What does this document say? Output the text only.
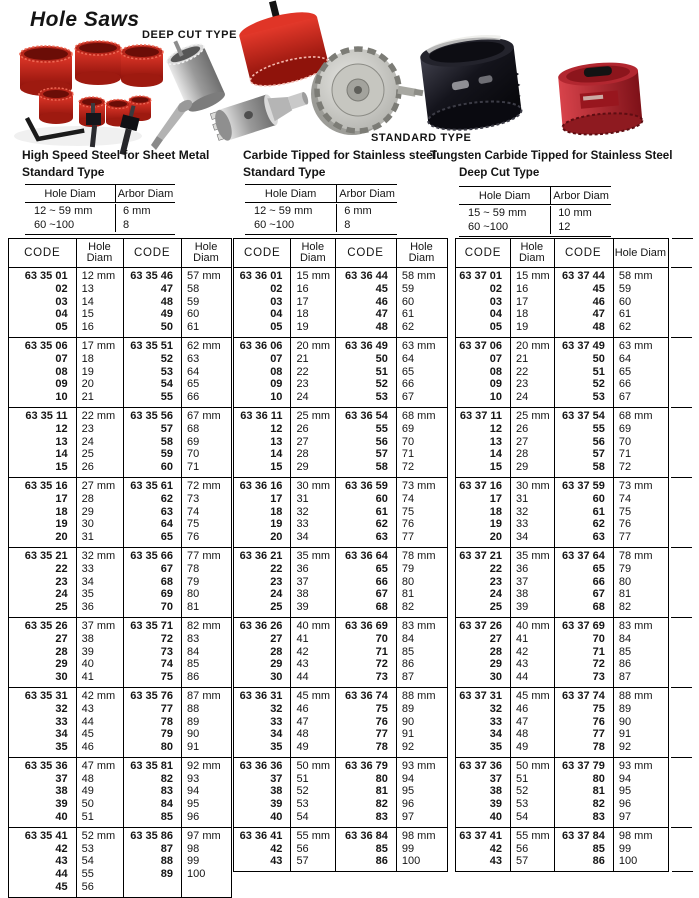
Hole Saws
DEEP CUT TYPE
STANDARD TYPE
High Speed Steel for Sheet Metal
Standard Type
Carbide Tipped for Stainless steel
Standard Type
Tungsten Carbide Tipped for Stainless Steel
Deep Cut Type
Hole Diam	Arbor Diam
12 ~ 59 mm	6 mm
60 ~100	8
Hole Diam	Arbor Diam
12 ~ 59 mm	6 mm
60 ~100	8
Hole Diam	Arbor Diam
15 ~ 59 mm	10 mm
60 ~100	12
CODE	Hole Diam	CODE	Hole Diam
63 35 01	12 mm	63 35 46	57 mm
02	13	47	58
03	14	48	59
04	15	49	60
05	16	50	61
63 35 06	17 mm	63 35 51	62 mm
07	18	52	63
08	19	53	64
09	20	54	65
10	21	55	66
63 35 11	22 mm	63 35 56	67 mm
12	23	57	68
13	24	58	69
14	25	59	70
15	26	60	71
63 35 16	27 mm	63 35 61	72 mm
17	28	62	73
18	29	63	74
19	30	64	75
20	31	65	76
63 35 21	32 mm	63 35 66	77 mm
22	33	67	78
23	34	68	79
24	35	69	80
25	36	70	81
63 35 26	37 mm	63 35 71	82 mm
27	38	72	83
28	39	73	84
29	40	74	85
30	41	75	86
63 35 31	42 mm	63 35 76	87 mm
32	43	77	88
33	44	78	89
34	45	79	90
35	46	80	91
63 35 36	47 mm	63 35 81	92 mm
37	48	82	93
38	49	83	94
39	50	84	95
40	51	85	96
63 35 41	52 mm	63 35 86	97 mm
42	53	87	98
43	54	88	99
44	55	89	100
45	56
CODE	Hole Diam	CODE	Hole Diam
63 36 01	15 mm	63 36 44	58 mm
02	16	45	59
03	17	46	60
04	18	47	61
05	19	48	62
63 36 06	20 mm	63 36 49	63 mm
07	21	50	64
08	22	51	65
09	23	52	66
10	24	53	67
63 36 11	25 mm	63 36 54	68 mm
12	26	55	69
13	27	56	70
14	28	57	71
15	29	58	72
63 36 16	30 mm	63 36 59	73 mm
17	31	60	74
18	32	61	75
19	33	62	76
20	34	63	77
63 36 21	35 mm	63 36 64	78 mm
22	36	65	79
23	37	66	80
24	38	67	81
25	39	68	82
63 36 26	40 mm	63 36 69	83 mm
27	41	70	84
28	42	71	85
29	43	72	86
30	44	73	87
63 36 31	45 mm	63 36 74	88 mm
32	46	75	89
33	47	76	90
34	48	77	91
35	49	78	92
63 36 36	50 mm	63 36 79	93 mm
37	51	80	94
38	52	81	95
39	53	82	96
40	54	83	97
63 36 41	55 mm	63 36 84	98 mm
42	56	85	99
43	57	86	100
CODE	Hole Diam	CODE	Hole Diam
63 37 01	15 mm	63 37 44	58 mm
02	16	45	59
03	17	46	60
04	18	47	61
05	19	48	62
63 37 06	20 mm	63 37 49	63 mm
07	21	50	64
08	22	51	65
09	23	52	66
10	24	53	67
63 37 11	25 mm	63 37 54	68 mm
12	26	55	69
13	27	56	70
14	28	57	71
15	29	58	72
63 37 16	30 mm	63 37 59	73 mm
17	31	60	74
18	32	61	75
19	33	62	76
20	34	63	77
63 37 21	35 mm	63 37 64	78 mm
22	36	65	79
23	37	66	80
24	38	67	81
25	39	68	82
63 37 26	40 mm	63 37 69	83 mm
27	41	70	84
28	42	71	85
29	43	72	86
30	44	73	87
63 37 31	45 mm	63 37 74	88 mm
32	46	75	89
33	47	76	90
34	48	77	91
35	49	78	92
63 37 36	50 mm	63 37 79	93 mm
37	51	80	94
38	52	81	95
39	53	82	96
40	54	83	97
63 37 41	55 mm	63 37 84	98 mm
42	56	85	99
43	57	86	100
